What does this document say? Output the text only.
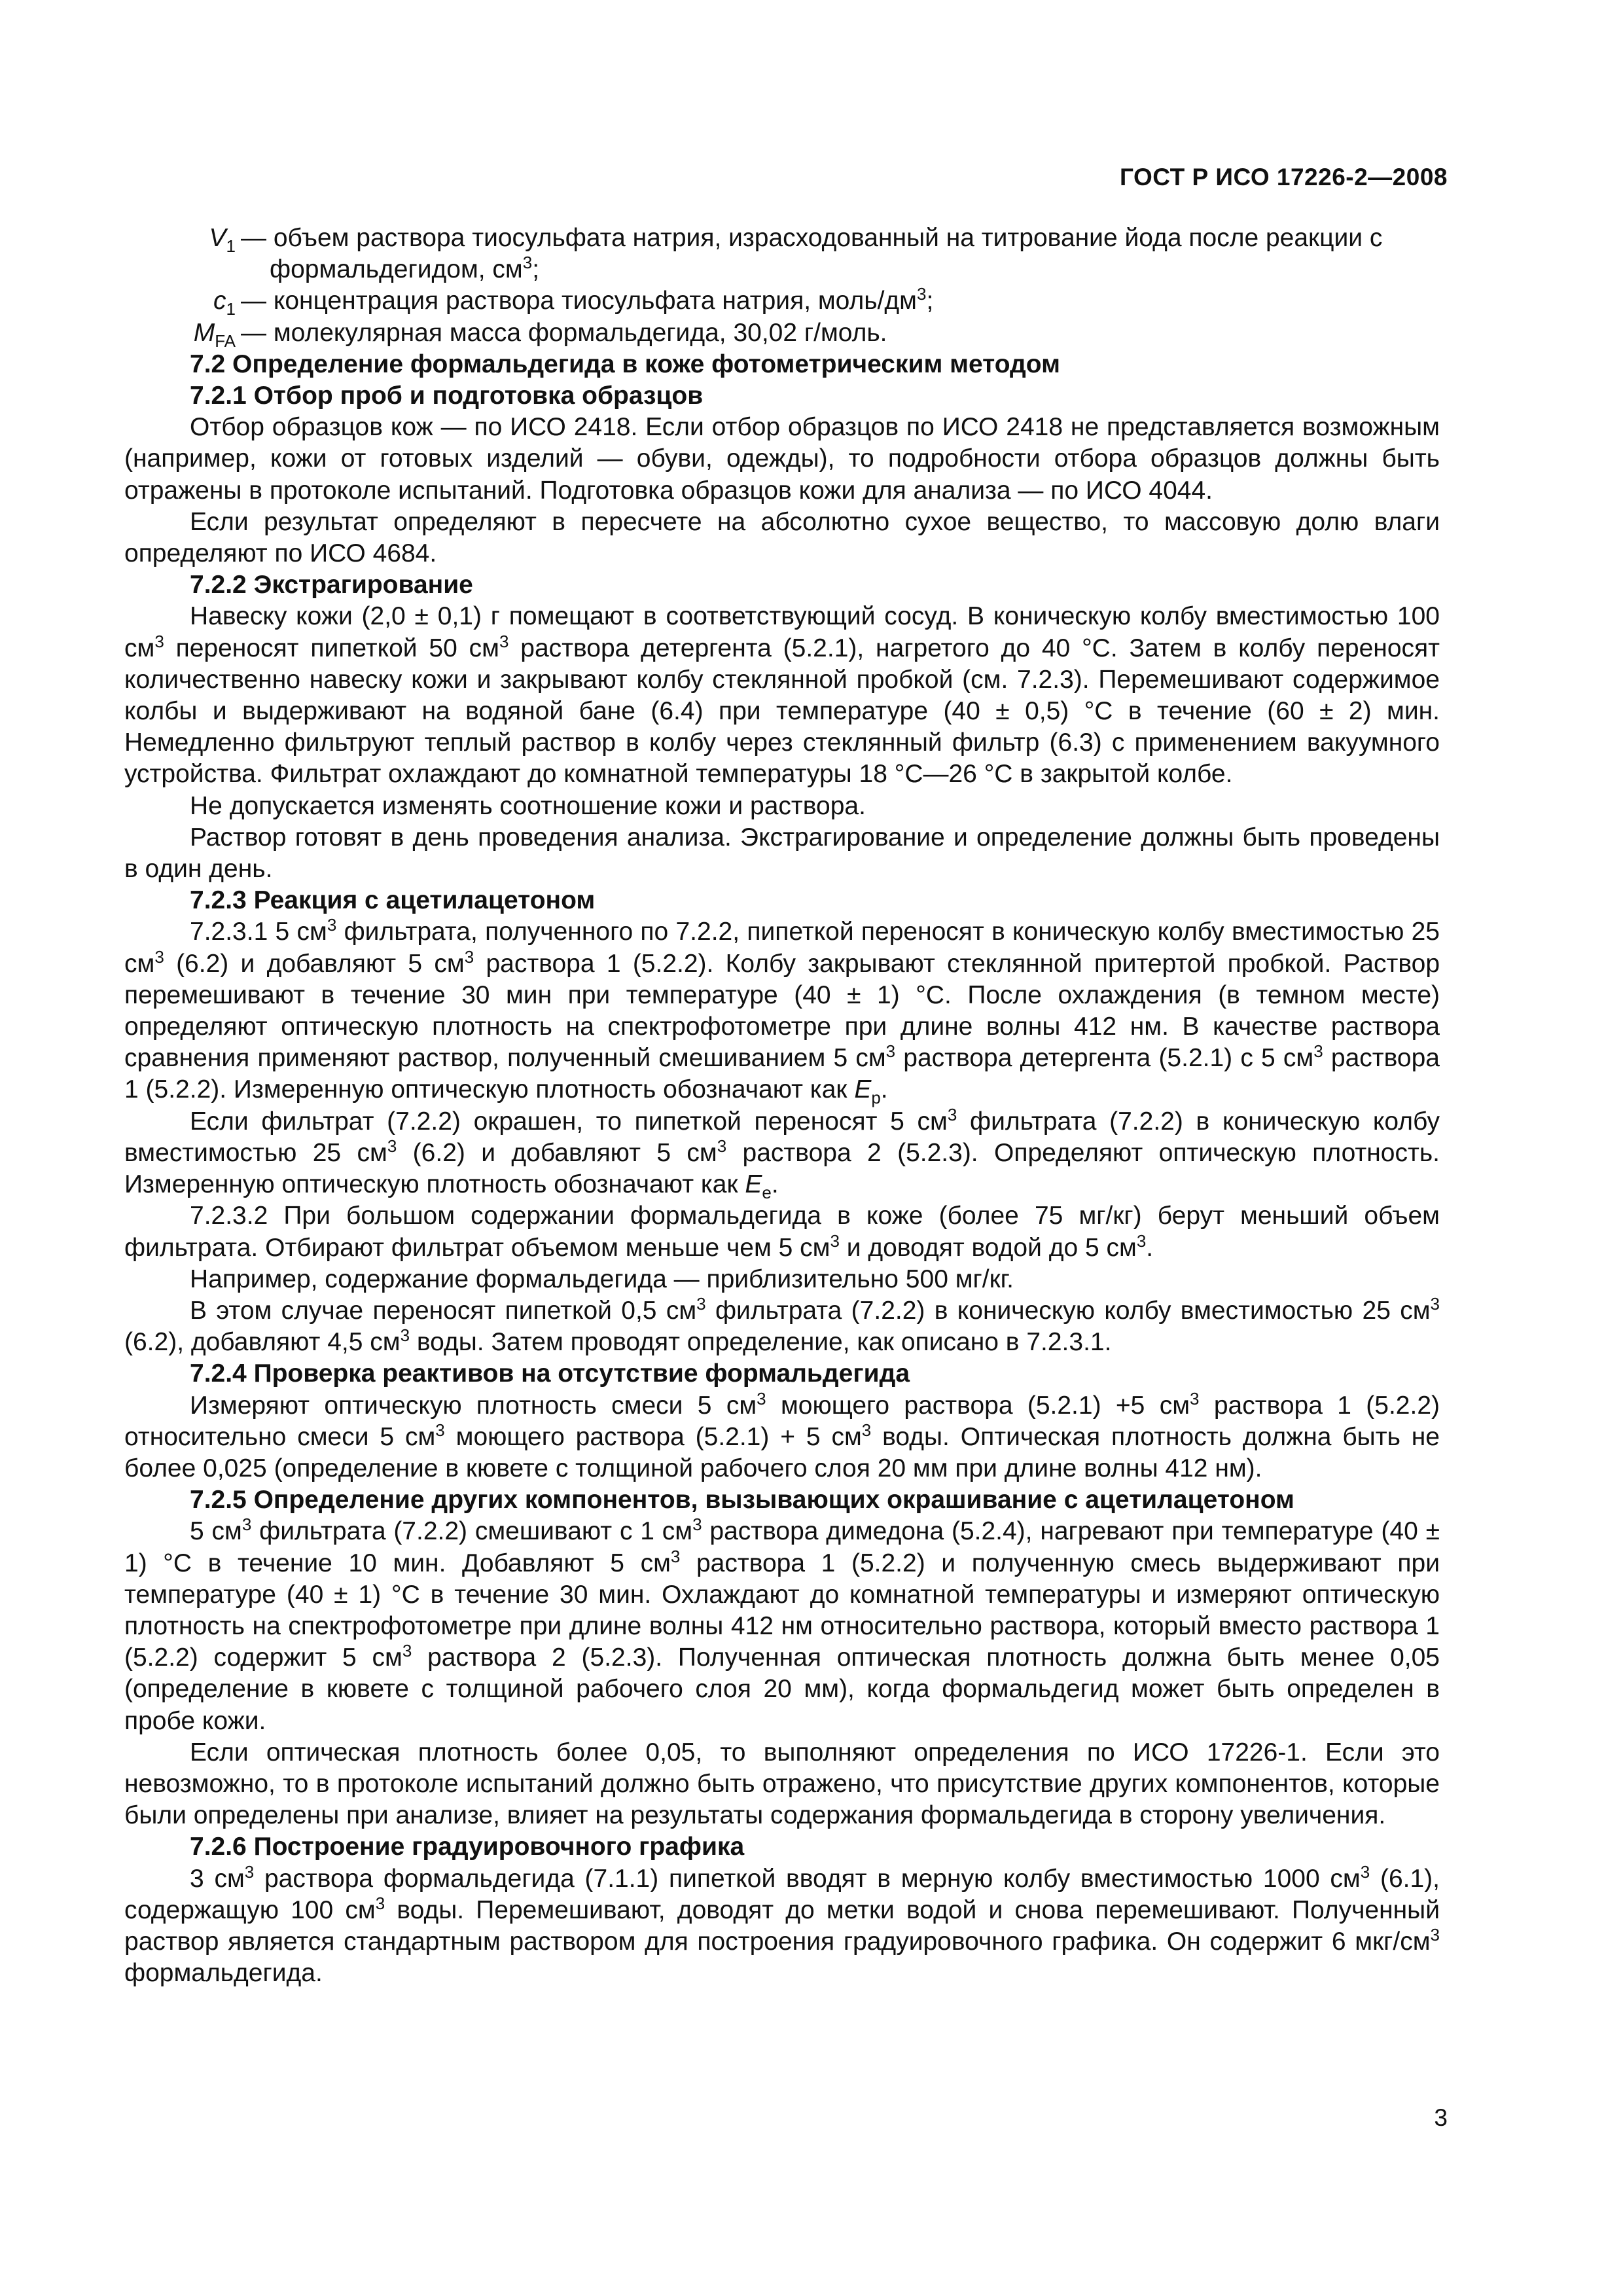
ГОСТ Р ИСО 17226-2—2008
$V_1$ — объем раствора тиосульфата натрия, израсходованный на титрование йода после реакции с
формальдегидом, $см^3$;
$c_1$ — концентрация раствора тиосульфата натрия, моль/$дм^3$;
$M_{FA}$ — молекулярная масса формальдегида, 30,02 г/моль.
7.2 Определение формальдегида в коже фотометрическим методом
7.2.1 Отбор проб и подготовка образцов

Отбор образцов кож — по ИСО 2418. Если отбор образцов по ИСО 2418 не представляется возможным (например, кожи от готовых изделий — обуви, одежды), то подробности отбора образцов должны быть отражены в протоколе испытаний. Подготовка образцов кожи для анализа — по ИСО 4044.

Если результат определяют в пересчете на абсолютно сухое вещество, то массовую долю влаги определяют по ИСО 4684.

7.2.2 Экстрагирование

Навеску кожи (2,0 ± 0,1) г помещают в соответствующий сосуд. В коническую колбу вместимостью 100 $см^3$ переносят пипеткой 50 $см^3$ раствора детергента (5.2.1), нагретого до 40 °С. Затем в колбу переносят количественно навеску кожи и закрывают колбу стеклянной пробкой (см. 7.2.3). Перемешивают содержимое колбы и выдерживают на водяной бане (6.4) при температуре (40 ± 0,5) °С в течение (60 ± 2) мин. Немедленно фильтруют теплый раствор в колбу через стеклянный фильтр (6.3) с применением вакуумного устройства. Фильтрат охлаждают до комнатной температуры 18 °С—26 °С в закрытой колбе.

Не допускается изменять соотношение кожи и раствора.

Раствор готовят в день проведения анализа. Экстрагирование и определение должны быть проведены в один день.

7.2.3 Реакция с ацетилацетоном

7.2.3.1 5 $см^3$ фильтрата, полученного по 7.2.2, пипеткой переносят в коническую колбу вместимостью 25 $см^3$ (6.2) и добавляют 5 $см^3$ раствора 1 (5.2.2). Колбу закрывают стеклянной притертой пробкой. Раствор перемешивают в течение 30 мин при температуре (40 ± 1) °С. После охлаждения (в темном месте) определяют оптическую плотность на спектрофотометре при длине волны 412 нм. В качестве раствора сравнения применяют раствор, полученный смешиванием 5 $см^3$ раствора детергента (5.2.1) с 5 $см^3$ раствора 1 (5.2.2). Измеренную оптическую плотность обозначают как $E_p$.

Если фильтрат (7.2.2) окрашен, то пипеткой переносят 5 $см^3$ фильтрата (7.2.2) в коническую колбу вместимостью 25 $см^3$ (6.2) и добавляют 5 $см^3$ раствора 2 (5.2.3). Определяют оптическую плотность. Измеренную оптическую плотность обозначают как $E_e$.

7.2.3.2 При большом содержании формальдегида в коже (более 75 мг/кг) берут меньший объем фильтрата. Отбирают фильтрат объемом меньше чем 5 $см^3$ и доводят водой до 5 $см^3$.

Например, содержание формальдегида — приблизительно 500 мг/кг.

В этом случае переносят пипеткой 0,5 $см^3$ фильтрата (7.2.2) в коническую колбу вместимостью 25 $см^3$ (6.2), добавляют 4,5 $см^3$ воды. Затем проводят определение, как описано в 7.2.3.1.

7.2.4 Проверка реактивов на отсутствие формальдегида

Измеряют оптическую плотность смеси 5 $см^3$ моющего раствора (5.2.1) +5 $см^3$ раствора 1 (5.2.2) относительно смеси 5 $см^3$ моющего раствора (5.2.1) + 5 $см^3$ воды. Оптическая плотность должна быть не более 0,025 (определение в кювете с толщиной рабочего слоя 20 мм при длине волны 412 нм).

7.2.5 Определение других компонентов, вызывающих окрашивание с ацетилацетоном

5 $см^3$ фильтрата (7.2.2) смешивают с 1 $см^3$ раствора димедона (5.2.4), нагревают при температуре (40 ± 1) °С в течение 10 мин. Добавляют 5 $см^3$ раствора 1 (5.2.2) и полученную смесь выдерживают при температуре (40 ± 1) °С в течение 30 мин. Охлаждают до комнатной температуры и измеряют оптическую плотность на спектрофотометре при длине волны 412 нм относительно раствора, который вместо раствора 1 (5.2.2) содержит 5 $см^3$ раствора 2 (5.2.3). Полученная оптическая плотность должна быть менее 0,05 (определение в кювете с толщиной рабочего слоя 20 мм), когда формальдегид может быть определен в пробе кожи.

Если оптическая плотность более 0,05, то выполняют определения по ИСО 17226-1. Если это невозможно, то в протоколе испытаний должно быть отражено, что присутствие других компонентов, которые были определены при анализе, влияет на результаты содержания формальдегида в сторону увеличения.

7.2.6 Построение градуировочного графика

3 $см^3$ раствора формальдегида (7.1.1) пипеткой вводят в мерную колбу вместимостью 1000 $см^3$ (6.1), содержащую 100 $см^3$ воды. Перемешивают, доводят до метки водой и снова перемешивают. Полученный раствор является стандартным раствором для построения градуировочного графика. Он содержит 6 мкг/$см^3$ формальдегида.

3
